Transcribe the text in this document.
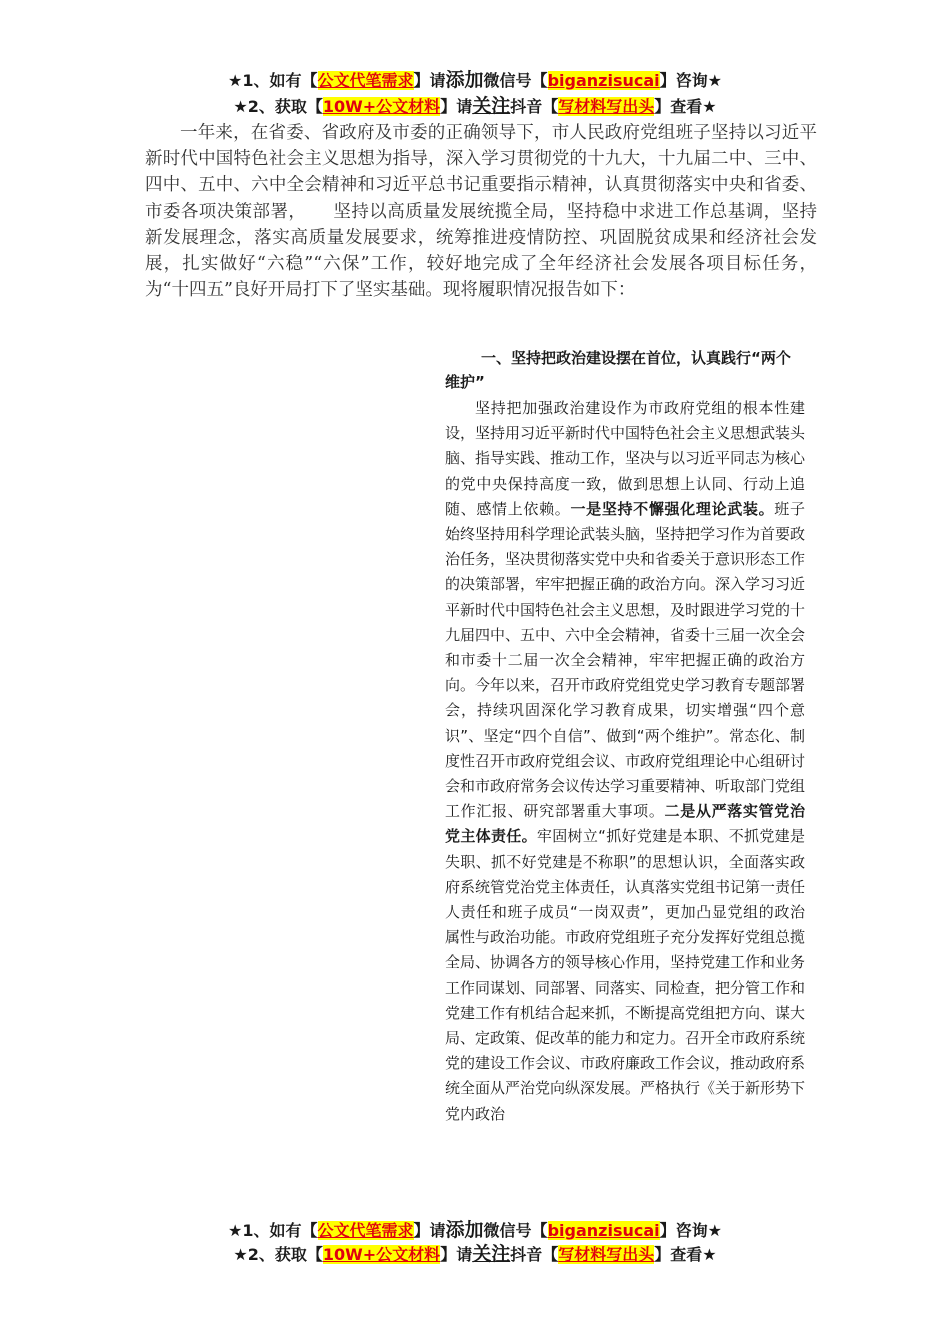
★1、如有【公文代笔需求】请添加微信号【biganzisucai】咨询★
★2、获取【10W+公文材料】请关注抖音【写材料写出头】查看★

一年来，在省委、省政府及市委的正确领导下，市人民政府党组班子坚持以习近平新时代中国特色社会主义思想为指导，深入学习贯彻党的十九大，十九届二中、三中、四中、五中、六中全会精神和习近平总书记重要指示精神，认真贯彻落实中央和省委、市委各项决策部署，　　坚持以高质量发展统揽全局，坚持稳中求进工作总基调，坚持新发展理念，落实高质量发展要求，统筹推进疫情防控、巩固脱贫成果和经济社会发展，扎实做好“六稳”“六保”工作，较好地完成了全年经济社会发展各项目标任务，为“十四五”良好开局打下了坚实基础。现将履职情况报告如下：

一、坚持把政治建设摆在首位，认真践行“两个维护”

坚持把加强政治建设作为市政府党组的根本性建设，坚持用习近平新时代中国特色社会主义思想武装头脑、指导实践、推动工作，坚决与以习近平同志为核心的党中央保持高度一致，做到思想上认同、行动上追随、感情上依赖。一是坚持不懈强化理论武装。班子始终坚持用科学理论武装头脑，坚持把学习作为首要政治任务，坚决贯彻落实党中央和省委关于意识形态工作的决策部署，牢牢把握正确的政治方向。深入学习习近平新时代中国特色社会主义思想，及时跟进学习党的十九届四中、五中、六中全会精神，省委十三届一次全会和市委十二届一次全会精神，牢牢把握正确的政治方向。今年以来，召开市政府党组党史学习教育专题部署会，持续巩固深化学习教育成果，切实增强“四个意识”、坚定“四个自信”、做到“两个维护”。常态化、制度性召开市政府党组会议、市政府党组理论中心组研讨会和市政府常务会议传达学习重要精神、听取部门党组工作汇报、研究部署重大事项。二是从严落实管党治党主体责任。牢固树立“抓好党建是本职、不抓党建是失职、抓不好党建是不称职”的思想认识，全面落实政府系统管党治党主体责任，认真落实党组书记第一责任人责任和班子成员“一岗双责”，更加凸显党组的政治属性与政治功能。市政府党组班子充分发挥好党组总揽全局、协调各方的领导核心作用，坚持党建工作和业务工作同谋划、同部署、同落实、同检查，把分管工作和党建工作有机结合起来抓，不断提高党组把方向、谋大局、定政策、促改革的能力和定力。召开全市政府系统党的建设工作会议、市政府廉政工作会议，推动政府系统全面从严治党向纵深发展。严格执行《关于新形势下党内政治

★1、如有【公文代笔需求】请添加微信号【biganzisucai】咨询★
★2、获取【10W+公文材料】请关注抖音【写材料写出头】查看★
